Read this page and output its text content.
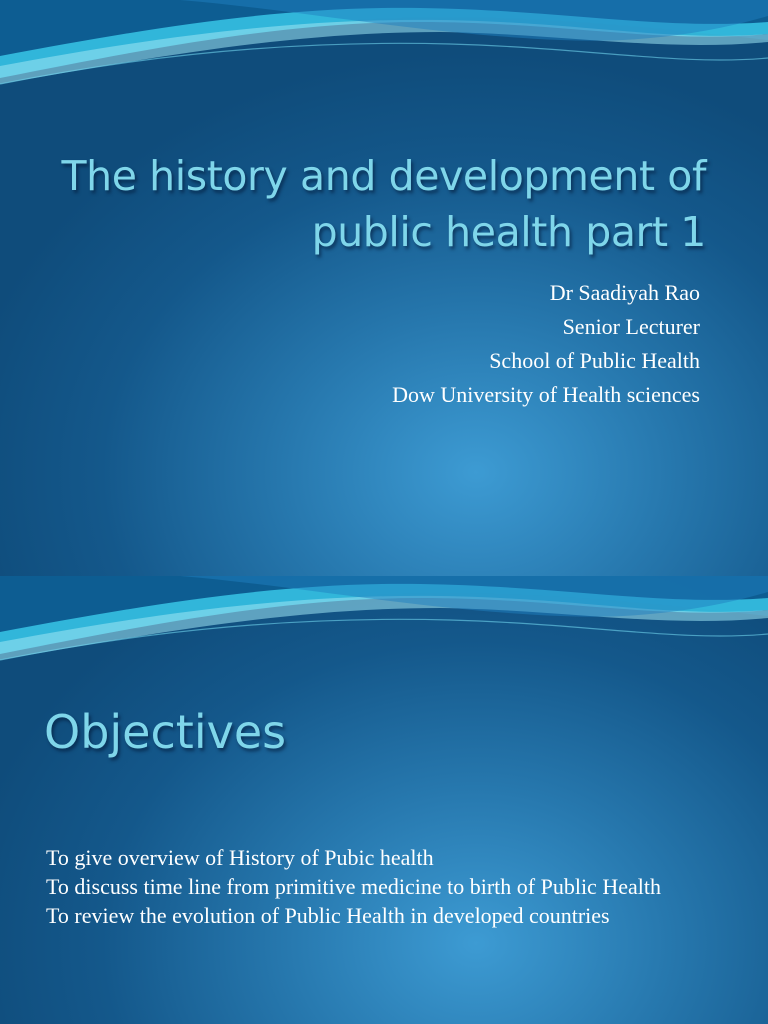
The history and development of public health part 1
Dr Saadiyah Rao
Senior Lecturer
School of Public Health
Dow University of Health sciences
Objectives
To give overview of History of Pubic health
To discuss time line from primitive medicine to birth of Public Health
To review the evolution of Public Health in developed countries
